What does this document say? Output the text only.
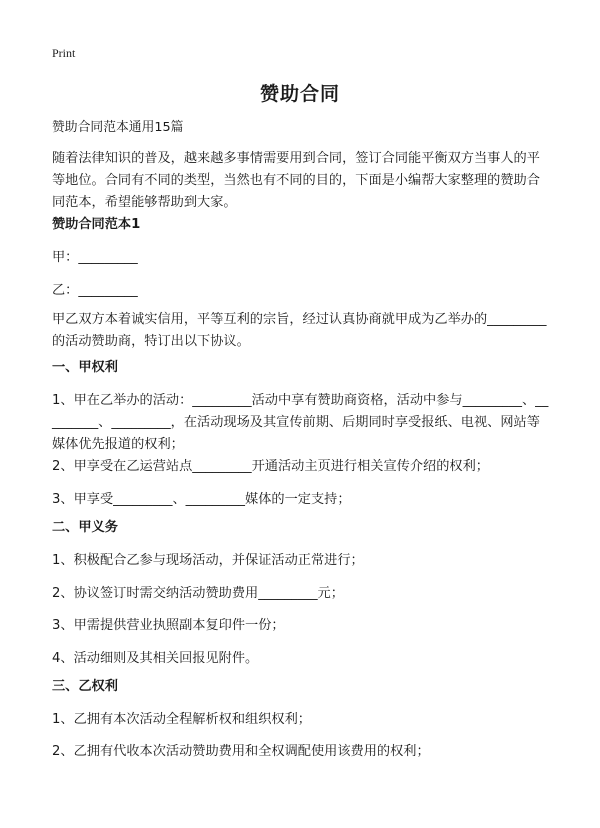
Print
赞助合同
赞助合同范本通用15篇
随着法律知识的普及，越来越多事情需要用到合同，签订合同能平衡双方当事人的平等地位。合同有不同的类型，当然也有不同的目的，下面是小编帮大家整理的赞助合同范本，希望能够帮助到大家。
赞助合同范本1
甲：_________
乙：_________
甲乙双方本着诚实信用，平等互利的宗旨，经过认真协商就甲成为乙举办的_________的活动赞助商，特订出以下协议。
一、甲权利
1、甲在乙举办的活动：_________活动中享有赞助商资格，活动中参与_________、_________、_________，在活动现场及其宣传前期、后期同时享受报纸、电视、网站等媒体优先报道的权利；
2、甲享受在乙运营站点_________开通活动主页进行相关宣传介绍的权利；
3、甲享受_________、_________媒体的一定支持；
二、甲义务
1、积极配合乙参与现场活动，并保证活动正常进行；
2、协议签订时需交纳活动赞助费用_________元；
3、甲需提供营业执照副本复印件一份；
4、活动细则及其相关回报见附件。
三、乙权利
1、乙拥有本次活动全程解析权和组织权利；
2、乙拥有代收本次活动赞助费用和全权调配使用该费用的权利；
